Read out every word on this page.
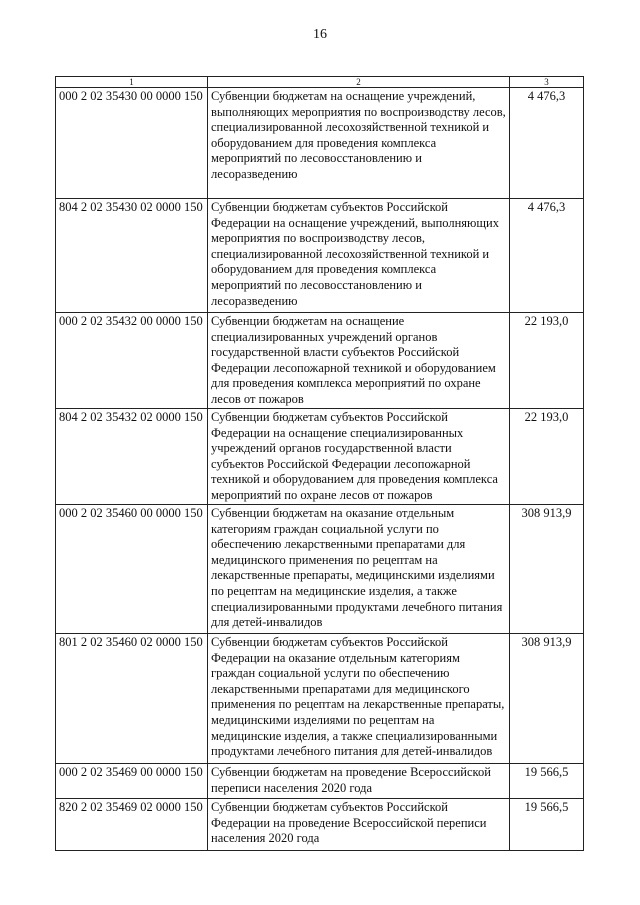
16
1	2	3
000 2 02 35430 00 0000 150	Субвенции бюджетам на оснащение учреждений, выполняющих мероприятия по воспроизводству лесов, специализированной лесохозяйственной техникой и оборудованием для проведения комплекса мероприятий по лесовосстановлению и лесоразведению	4 476,3
804 2 02 35430 02 0000 150	Субвенции бюджетам субъектов Российской Федерации на оснащение учреждений, выполняющих мероприятия по воспроизводству лесов, специализированной лесохозяйственной техникой и оборудованием для проведения комплекса мероприятий по лесовосстановлению и лесоразведению	4 476,3
000 2 02 35432 00 0000 150	Субвенции бюджетам на оснащение специализированных учреждений органов государственной власти субъектов Российской Федерации лесопожарной техникой и оборудованием для проведения комплекса мероприятий по охране лесов от пожаров	22 193,0
804 2 02 35432 02 0000 150	Субвенции бюджетам субъектов Российской Федерации на оснащение специализированных учреждений органов государственной власти субъектов Российской Федерации лесопожарной техникой и оборудованием для проведения комплекса мероприятий по охране лесов от пожаров	22 193,0
000 2 02 35460 00 0000 150	Субвенции бюджетам на оказание отдельным категориям граждан социальной услуги по обеспечению лекарственными препаратами для медицинского применения по рецептам на лекарственные препараты, медицинскими изделиями по рецептам на медицинские изделия, а также специализированными продуктами лечебного питания для детей-инвалидов	308 913,9
801 2 02 35460 02 0000 150	Субвенции бюджетам субъектов Российской Федерации на оказание отдельным категориям граждан социальной услуги по обеспечению лекарственными препаратами для медицинского применения по рецептам на лекарственные препараты, медицинскими изделиями по рецептам на медицинские изделия, а также специализированными продуктами лечебного питания для детей-инвалидов	308 913,9
000 2 02 35469 00 0000 150	Субвенции бюджетам на проведение Всероссийской переписи населения 2020 года	19 566,5
820 2 02 35469 02 0000 150	Субвенции бюджетам субъектов Российской Федерации на проведение Всероссийской переписи населения 2020 года	19 566,5
